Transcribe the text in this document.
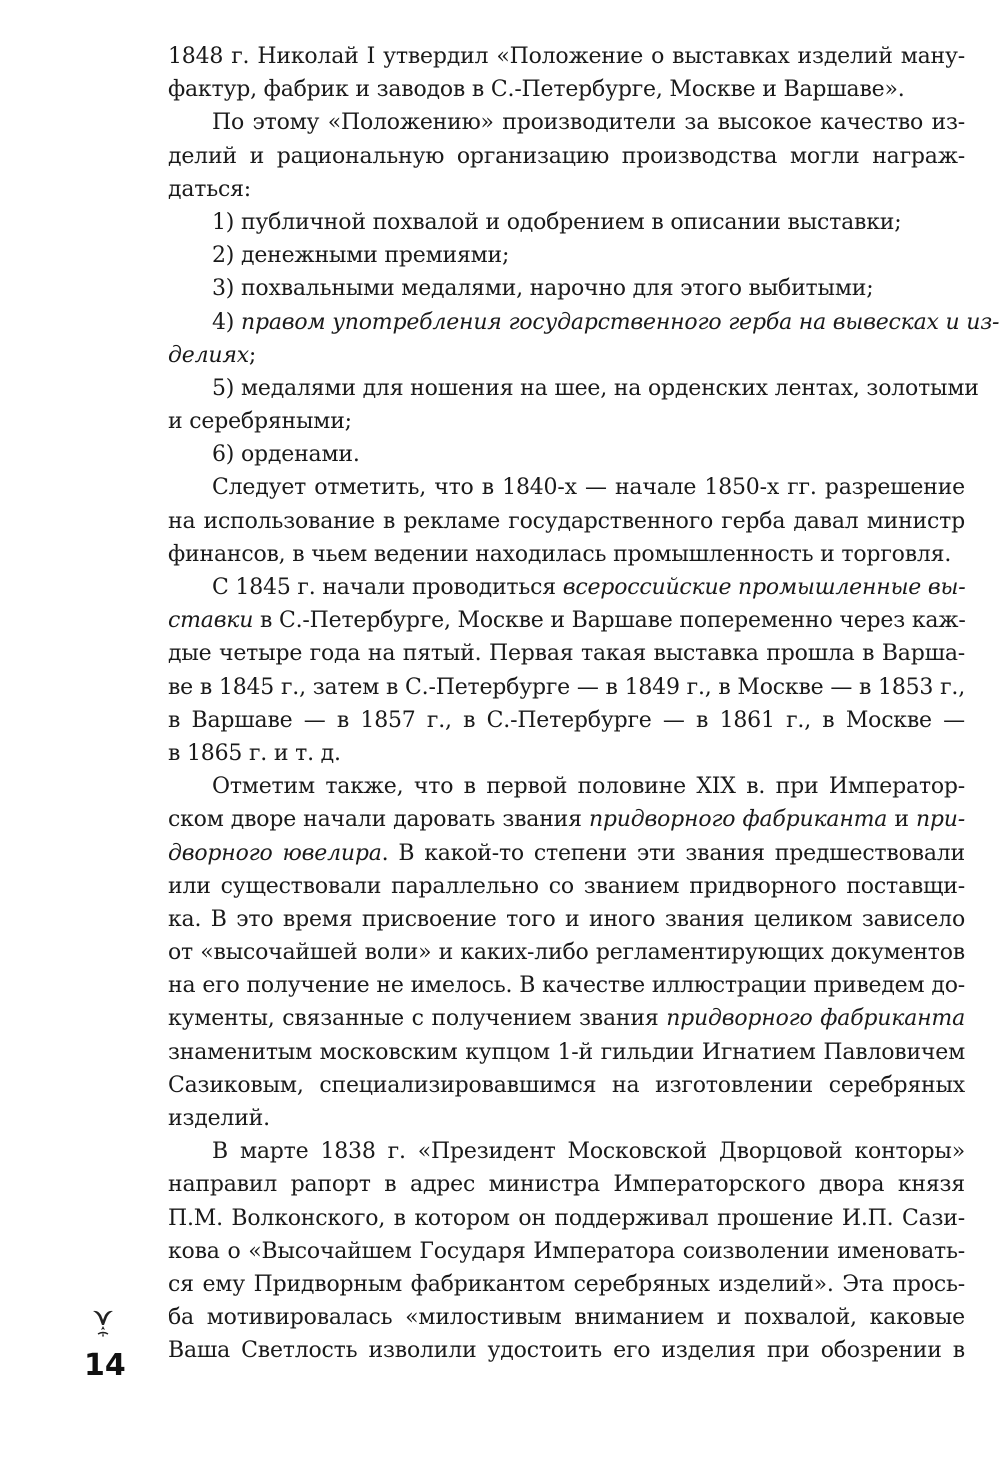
1848 г. Николай I утвердил «Положение о выставках изделий ману-
фактур, фабрик и заводов в С.-Петербурге, Москве и Варшаве».
По этому «Положению» производители за высокое качество из-
делий и рациональную организацию производства могли награж-
даться:
1) публичной похвалой и одобрением в описании выставки;
2) денежными премиями;
3) похвальными медалями, нарочно для этого выбитыми;
4) правом употребления государственного герба на вывесках и из-
делиях;
5) медалями для ношения на шее, на орденских лентах, золотыми
и серебряными;
6) орденами.
Следует отметить, что в 1840-х — начале 1850-х гг. разрешение
на использование в рекламе государственного герба давал министр
финансов, в чьем ведении находилась промышленность и торговля.
С 1845 г. начали проводиться всероссийские промышленные вы-
ставки в С.-Петербурге, Москве и Варшаве попеременно через каж-
дые четыре года на пятый. Первая такая выставка прошла в Варша-
ве в 1845 г., затем в С.-Петербурге — в 1849 г., в Москве — в 1853 г.,
в Варшаве — в 1857 г., в С.-Петербурге — в 1861 г., в Москве —
в 1865 г. и т. д.
Отметим также, что в первой половине XIX в. при Император-
ском дворе начали даровать звания придворного фабриканта и при-
дворного ювелира. В какой-то степени эти звания предшествовали
или существовали параллельно со званием придворного поставщи-
ка. В это время присвоение того и иного звания целиком зависело
от «высочайшей воли» и каких-либо регламентирующих документов
на его получение не имелось. В качестве иллюстрации приведем до-
кументы, связанные с получением звания придворного фабриканта
знаменитым московским купцом 1-й гильдии Игнатием Павловичем
Сазиковым, специализировавшимся на изготовлении серебряных
изделий.
В марте 1838 г. «Президент Московской Дворцовой конторы»
направил рапорт в адрес министра Императорского двора князя
П.М. Волконского, в котором он поддерживал прошение И.П. Сази-
кова о «Высочайшем Государя Императора соизволении именовать-
ся ему Придворным фабрикантом серебряных изделий». Эта прось-
ба мотивировалась «милостивым вниманием и похвалой, каковые
Ваша Светлость изволили удостоить его изделия при обозрении в
14
